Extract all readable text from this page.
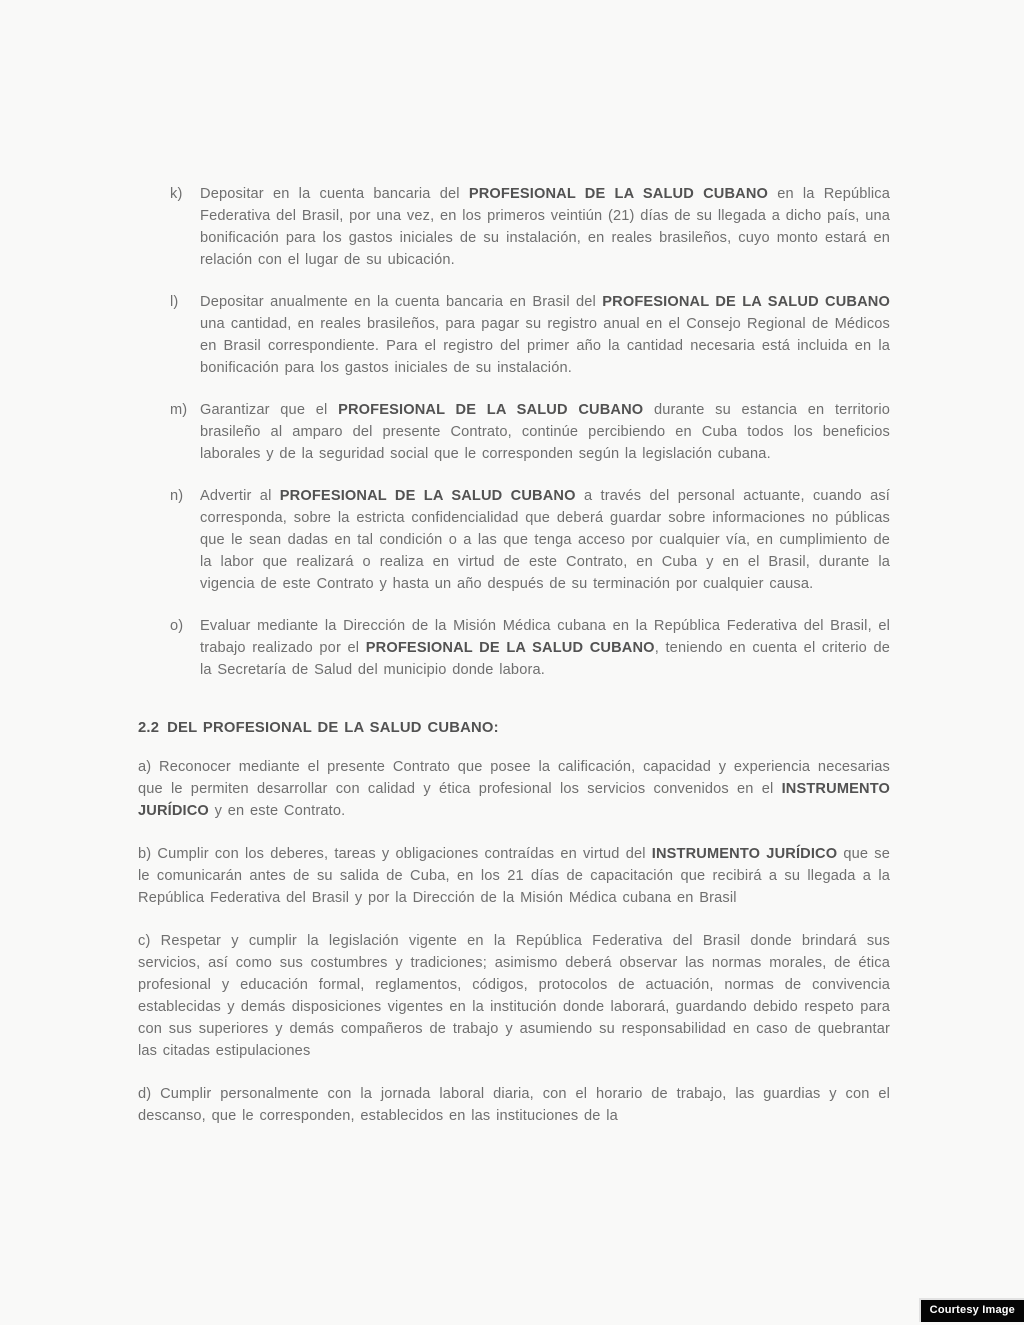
k)	Depositar en la cuenta bancaria del PROFESIONAL DE LA SALUD CUBANO en la República Federativa del Brasil, por una vez, en los primeros veintiún (21) días de su llegada a dicho país, una bonificación para los gastos iniciales de su instalación, en reales brasileños, cuyo monto estará en relación con el lugar de su ubicación.
l)	Depositar anualmente en la cuenta bancaria en Brasil del PROFESIONAL DE LA SALUD CUBANO una cantidad, en reales brasileños, para pagar su registro anual en el Consejo Regional de Médicos en Brasil correspondiente. Para el registro del primer año la cantidad necesaria está incluida en la bonificación para los gastos iniciales de su instalación.
m) Garantizar que el PROFESIONAL DE LA SALUD CUBANO durante su estancia en territorio brasileño al amparo del presente Contrato, continúe percibiendo en Cuba todos los beneficios laborales y de la seguridad social que le corresponden según la legislación cubana.
n)	Advertir al PROFESIONAL DE LA SALUD CUBANO a través del personal actuante, cuando así corresponda, sobre la estricta confidencialidad que deberá guardar sobre informaciones no públicas que le sean dadas en tal condición o a las que tenga acceso por cualquier vía, en cumplimiento de la labor que realizará o realiza en virtud de este Contrato, en Cuba y en el Brasil, durante la vigencia de este Contrato y hasta un año después de su terminación por cualquier causa.
o)	Evaluar mediante la Dirección de la Misión Médica cubana en la República Federativa del Brasil, el trabajo realizado por el PROFESIONAL DE LA SALUD CUBANO, teniendo en cuenta el criterio de la Secretaría de Salud del municipio donde labora.
2.2 DEL PROFESIONAL DE LA SALUD CUBANO:

a) Reconocer mediante el presente Contrato que posee la calificación, capacidad y experiencia necesarias que le permiten desarrollar con calidad y ética profesional los servicios convenidos en el INSTRUMENTO JURÍDICO y en este Contrato.

b) Cumplir con los deberes, tareas y obligaciones contraídas en virtud del INSTRUMENTO JURÍDICO que se le comunicarán antes de su salida de Cuba, en los 21 días de capacitación que recibirá a su llegada a la República Federativa del Brasil y por la Dirección de la Misión Médica cubana en Brasil

c) Respetar y cumplir la legislación vigente en la República Federativa del Brasil donde brindará sus servicios, así como sus costumbres y tradiciones; asimismo deberá observar las normas morales, de ética profesional y educación formal, reglamentos, códigos, protocolos de actuación, normas de convivencia establecidas y demás disposiciones vigentes en la institución donde laborará, guardando debido respeto para con sus superiores y demás compañeros de trabajo y asumiendo su responsabilidad en caso de quebrantar las citadas estipulaciones

d) Cumplir personalmente con la jornada laboral diaria, con el horario de trabajo, las guardias y con el descanso, que le corresponden, establecidos en las instituciones de la

Courtesy Image
